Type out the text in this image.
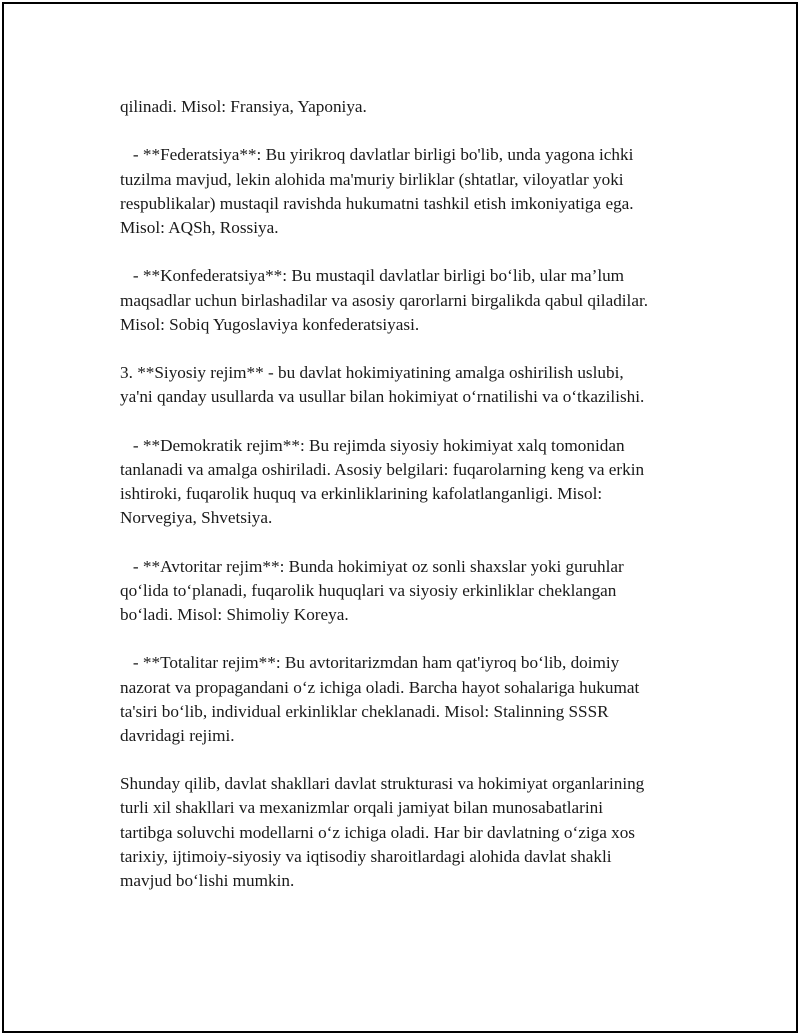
qilinadi. Misol: Fransiya, Yaponiya.
- **Federatsiya**: Bu yirikroq davlatlar birligi bo'lib, unda yagona ichki
tuzilma mavjud, lekin alohida ma'muriy birliklar (shtatlar, viloyatlar yoki
respublikalar) mustaqil ravishda hukumatni tashkil etish imkoniyatiga ega.
Misol: AQSh, Rossiya.
- **Konfederatsiya**: Bu mustaqil davlatlar birligi bo‘lib, ular ma’lum
maqsadlar uchun birlashadilar va asosiy qarorlarni birgalikda qabul qiladilar.
Misol: Sobiq Yugoslaviya konfederatsiyasi.
3. **Siyosiy rejim** - bu davlat hokimiyatining amalga oshirilish uslubi,
ya'ni qanday usullarda va usullar bilan hokimiyat o‘rnatilishi va o‘tkazilishi.
- **Demokratik rejim**: Bu rejimda siyosiy hokimiyat xalq tomonidan
tanlanadi va amalga oshiriladi. Asosiy belgilari: fuqarolarning keng va erkin
ishtiroki, fuqarolik huquq va erkinliklarining kafolatlanganligi. Misol:
Norvegiya, Shvetsiya.
- **Avtoritar rejim**: Bunda hokimiyat oz sonli shaxslar yoki guruhlar
qo‘lida to‘planadi, fuqarolik huquqlari va siyosiy erkinliklar cheklangan
bo‘ladi. Misol: Shimoliy Koreya.
- **Totalitar rejim**: Bu avtoritarizmdan ham qat'iyroq bo‘lib, doimiy
nazorat va propagandani o‘z ichiga oladi. Barcha hayot sohalariga hukumat
ta'siri bo‘lib, individual erkinliklar cheklanadi. Misol: Stalinning SSSR
davridagi rejimi.
Shunday qilib, davlat shakllari davlat strukturasi va hokimiyat organlarining
turli xil shakllari va mexanizmlar orqali jamiyat bilan munosabatlarini
tartibga soluvchi modellarni o‘z ichiga oladi. Har bir davlatning o‘ziga xos
tarixiy, ijtimoiy-siyosiy va iqtisodiy sharoitlardagi alohida davlat shakli
mavjud bo‘lishi mumkin.
